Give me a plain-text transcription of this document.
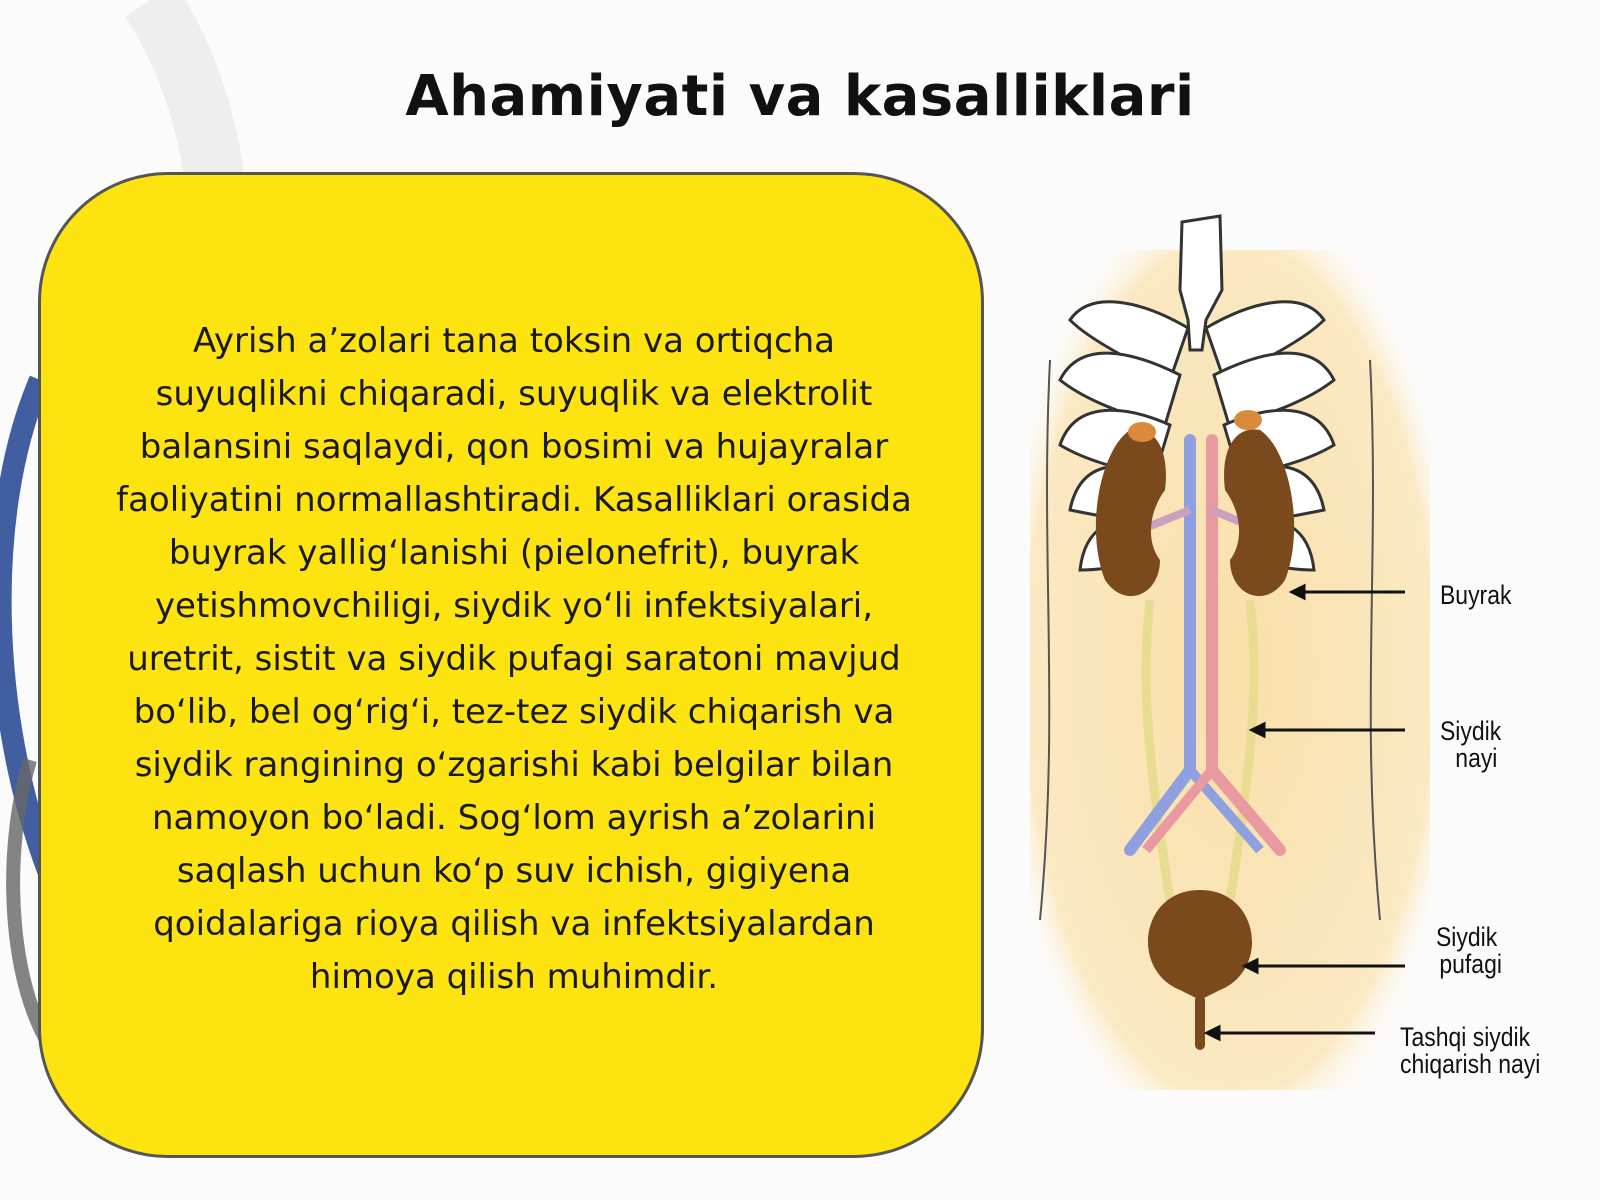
Ahamiyati va kasalliklari
Ayrish a’zolari tana toksin va ortiqcha suyuqlikni chiqaradi, suyuqlik va elektrolit balansini saqlaydi, qon bosimi va hujayralar faoliyatini normallashtiradi. Kasalliklari orasida buyrak yallig‘lanishi (pielonefrit), buyrak yetishmovchiligi, siydik yo‘li infektsiyalari, uretrit, sistit va siydik pufagi saratoni mavjud bo‘lib, bel og‘rig‘i, tez-tez siydik chiqarish va siydik rangining o‘zgarishi kabi belgilar bilan namoyon bo‘ladi. Sog‘lom ayrish a’zolarini saqlash uchun ko‘p suv ichish, gigiyena qoidalariga rioya qilish va infektsiyalardan himoya qilish muhimdir.
Buyrak
Siydik
nayi
Siydik
pufagi
Tashqi siydik
chiqarish nayi
